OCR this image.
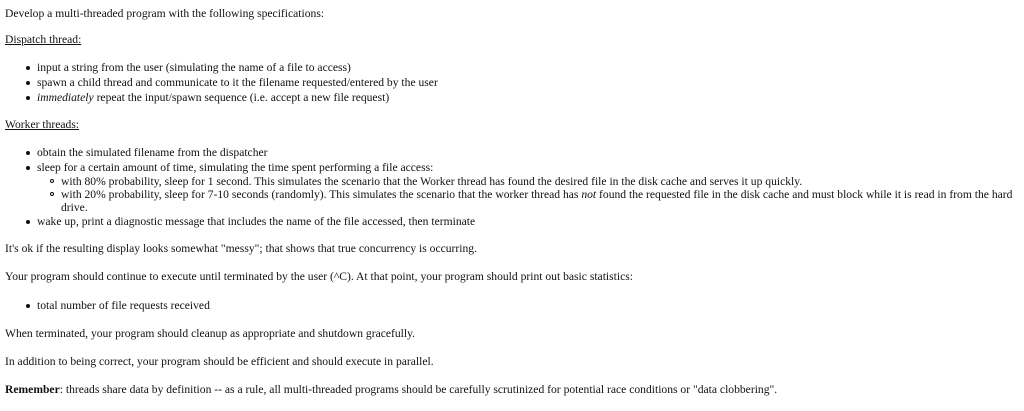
Develop a multi-threaded program with the following specifications:

Dispatch thread:

input a string from the user (simulating the name of a file to access)
spawn a child thread and communicate to it the filename requested/entered by the user
immediately repeat the input/spawn sequence (i.e. accept a new file request)

Worker threads:

obtain the simulated filename from the dispatcher
sleep for a certain amount of time, simulating the time spent performing a file access:
with 80% probability, sleep for 1 second. This simulates the scenario that the Worker thread has found the desired file in the disk cache and serves it up quickly.
with 20% probability, sleep for 7-10 seconds (randomly). This simulates the scenario that the worker thread has not found the requested file in the disk cache and must block while it is read in from the hard drive.
wake up, print a diagnostic message that includes the name of the file accessed, then terminate

It's ok if the resulting display looks somewhat "messy"; that shows that true concurrency is occurring.

Your program should continue to execute until terminated by the user (^C). At that point, your program should print out basic statistics:

total number of file requests received

When terminated, your program should cleanup as appropriate and shutdown gracefully.

In addition to being correct, your program should be efficient and should execute in parallel.

Remember: threads share data by definition -- as a rule, all multi-threaded programs should be carefully scrutinized for potential race conditions or "data clobbering".
